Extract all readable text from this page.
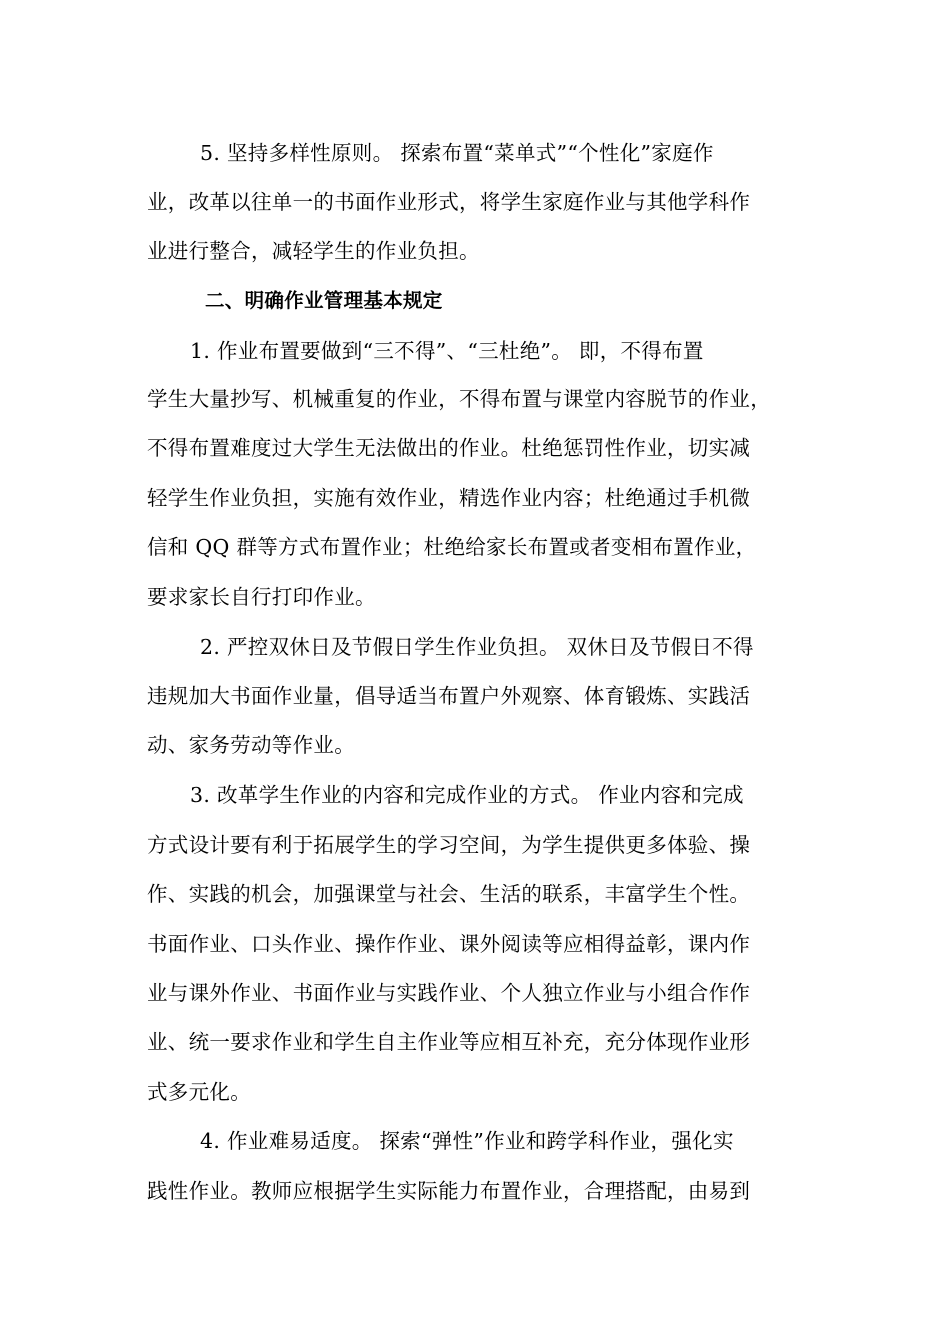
5. 坚持多样性原则。 探索布置“菜单式”“个性化”家庭作
业，改革以往单一的书面作业形式，将学生家庭作业与其他学科作
业进行整合，减轻学生的作业负担。
二、明确作业管理基本规定
1. 作业布置要做到“三不得”、“三杜绝”。 即，不得布置
学生大量抄写、机械重复的作业，不得布置与课堂内容脱节的作业，
不得布置难度过大学生无法做出的作业。杜绝惩罚性作业，切实减
轻学生作业负担，实施有效作业，精选作业内容；杜绝通过手机微
信和 QQ 群等方式布置作业；杜绝给家长布置或者变相布置作业，
要求家长自行打印作业。
2. 严控双休日及节假日学生作业负担。 双休日及节假日不得
违规加大书面作业量，倡导适当布置户外观察、体育锻炼、实践活
动、家务劳动等作业。
3. 改革学生作业的内容和完成作业的方式。 作业内容和完成
方式设计要有利于拓展学生的学习空间，为学生提供更多体验、操
作、实践的机会，加强课堂与社会、生活的联系，丰富学生个性。
书面作业、口头作业、操作作业、课外阅读等应相得益彰，课内作
业与课外作业、书面作业与实践作业、个人独立作业与小组合作作
业、统一要求作业和学生自主作业等应相互补充，充分体现作业形
式多元化。
4. 作业难易适度。 探索“弹性”作业和跨学科作业，强化实
践性作业。教师应根据学生实际能力布置作业，合理搭配，由易到
